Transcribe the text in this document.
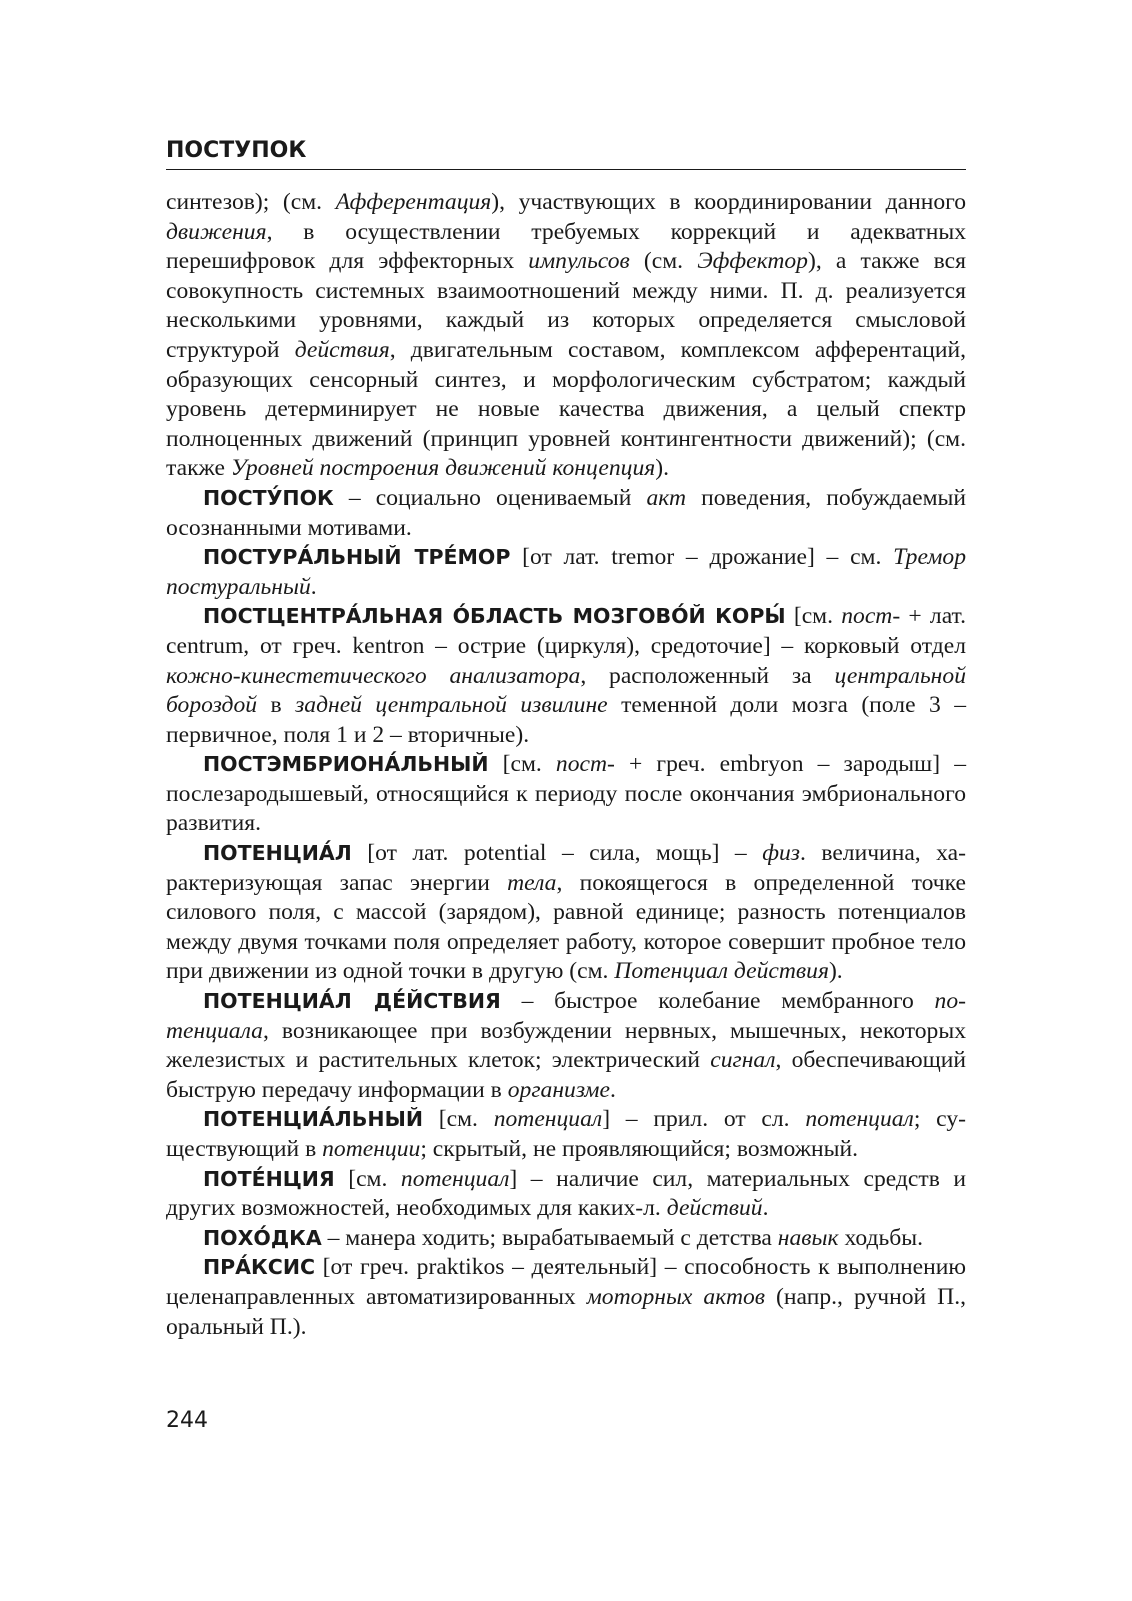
ПОСТУПОК

синтезов); (см. Афферентация), участвующих в координировании данного движения, в осуществлении требуемых коррекций и адекватных перешифровок для эффекторных импульсов (см. Эффектор), а также вся совокупность системных взаимоотношений между ними. П. д. реализуется несколькими уровнями, каждый из которых определяется смысловой структурой действия, двигательным составом, комплексом афферентаций, образующих сенсорный синтез, и морфологическим субстратом; каждый уровень детерминирует не новые качества движения, а целый спектр полноценных движений (принцип уровней контингентности движений); (см. также Уровней построения движений концепция).

ПОСТУ́ПОК – социально оцениваемый акт поведения, побуждаемый осознанными мотивами.

ПОСТУРА́ЛЬНЫЙ ТРЕ́МОР [от лат. tremor – дрожание] – см. Тремор постуральный.

ПОСТЦЕНТРА́ЛЬНАЯ О́БЛАСТЬ МОЗГОВО́Й КОРЫ́ [см. пост- + лат. centrum, от греч. kentron – острие (циркуля), средоточие] – корковый отдел кожно-кинестетического анализатора, расположенный за центральной бороздой в задней центральной извилине теменной доли мозга (поле 3 – первичное, поля 1 и 2 – вторичные).

ПОСТЭМБРИОНА́ЛЬНЫЙ [см. пост- + греч. embryon – зародыш] – послезародышевый, относящийся к периоду после окончания эмбрионального развития.

ПОТЕНЦИА́Л [от лат. potential – сила, мощь] – физ. величина, характеризующая запас энергии тела, покоящегося в определенной точке силового поля, с массой (зарядом), равной единице; разность потенциалов между двумя точками поля определяет работу, которое совершит пробное тело при движении из одной точки в другую (см. Потенциал действия).

ПОТЕНЦИА́Л ДЕ́ЙСТВИЯ – быстрое колебание мембранного потенциала, возникающее при возбуждении нервных, мышечных, некоторых железистых и растительных клеток; электрический сигнал, обеспечивающий быструю передачу информации в организме.

ПОТЕНЦИА́ЛЬНЫЙ [см. потенциал] – прил. от сл. потенциал; существующий в потенции; скрытый, не проявляющийся; возможный.

ПОТЕ́НЦИЯ [см. потенциал] – наличие сил, материальных средств и других возможностей, необходимых для каких-л. действий.

ПОХО́ДКА – манера ходить; вырабатываемый с детства навык ходьбы.

ПРА́КСИС [от греч. praktikos – деятельный] – способность к выполнению целенаправленных автоматизированных моторных актов (напр., ручной П., оральный П.).

244
